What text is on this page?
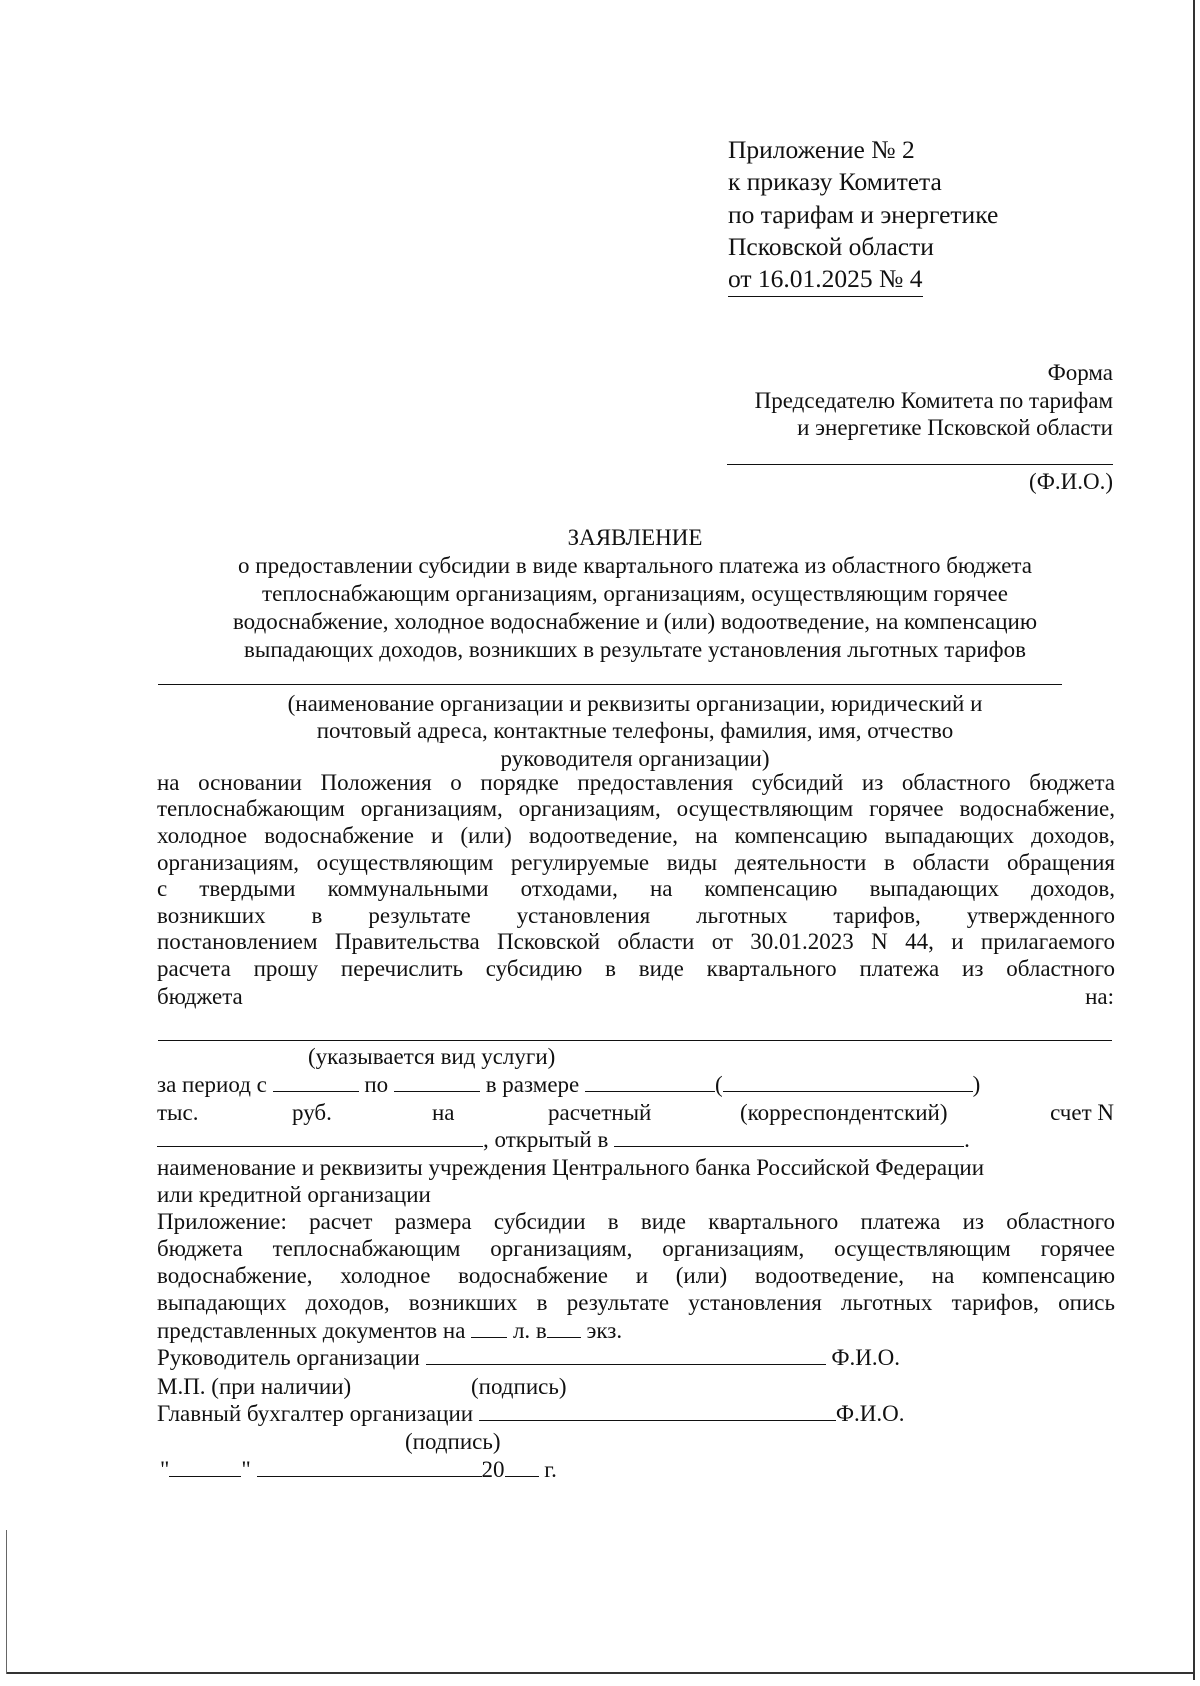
Приложение № 2
к приказу Комитета
по тарифам и энергетике
Псковской области
от 16.01.2025 № 4
Форма
Председателю Комитета по тарифам
и энергетике Псковской области
(Ф.И.О.)
ЗАЯВЛЕНИЕ
о предоставлении субсидии в виде квартального платежа из областного бюджета
теплоснабжающим организациям, организациям, осуществляющим горячее
водоснабжение, холодное водоснабжение и (или) водоотведение, на компенсацию
выпадающих доходов, возникших в результате установления льготных тарифов
(наименование организации и реквизиты организации, юридический и
почтовый адреса, контактные телефоны, фамилия, имя, отчество
руководителя организации)
на основании Положения о порядке предоставления субсидий из областного бюджета
теплоснабжающим организациям, организациям, осуществляющим горячее водоснабжение,
холодное водоснабжение и (или) водоотведение, на компенсацию выпадающих доходов,
организациям, осуществляющим регулируемые виды деятельности в области обращения
с твердыми коммунальными отходами, на компенсацию выпадающих доходов,
возникших в результате установления льготных тарифов, утвержденного
постановлением Правительства Псковской области от 30.01.2023 N 44, и прилагаемого
расчета прошу перечислить субсидию в виде квартального платежа из областного
бюджета	на:
(указывается вид услуги)
за период с	по	в размере	(	)
тыс.	руб.	на	расчетный	(корреспондентский)	счет N
, открытый в	.
наименование и реквизиты учреждения Центрального банка Российской Федерации
или кредитной организации
Приложение: расчет размера субсидии в виде квартального платежа из областного
бюджета теплоснабжающим организациям, организациям, осуществляющим горячее
водоснабжение, холодное водоснабжение и (или) водоотведение, на компенсацию
выпадающих доходов, возникших в результате установления льготных тарифов, опись
представленных документов на л. в экз.
Руководитель организации	Ф.И.О.
М.П. (при наличии)	(подпись)
Главный бухгалтер организации	Ф.И.О.
(подпись)
"	"	20 г.
